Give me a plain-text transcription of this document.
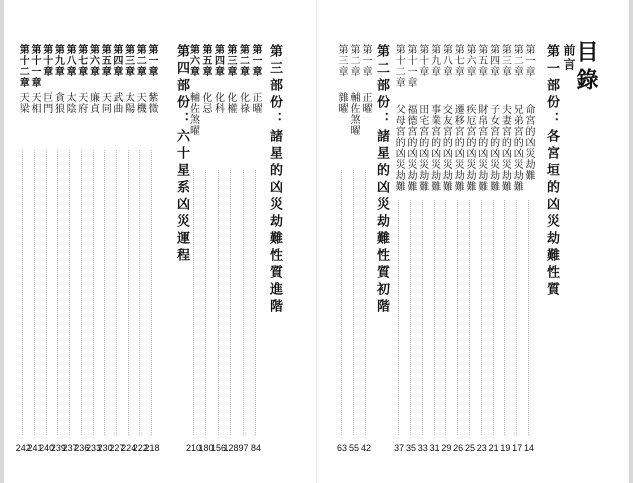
第三部份：諸星的凶災劫難性質進階
第一章
正曜
84
第二章
化祿
97
第三章
化權
128
第四章
化科
156
第五章
化忌
180
第六章
輔佐煞曜
210
第四部份：六十星系凶災運程
第一章
紫微
218
第二章
天機
222
第三章
太陽
224
第四章
武曲
227
第五章
天同
230
第六章
廉貞
233
第七章
天府
236
第八章
太陰
237
第九章
貪狼
239
第十章
巨門
240
第十一章
天相
241
第十二章
天梁
242
目錄
前言
第一部份：各宮垣的凶災劫難性質
第一章
命宮的凶災劫難
14
第二章
兄弟宮的凶災劫難
17
第三章
夫妻宮的凶災劫難
19
第四章
子女宮的凶災劫難
21
第五章
財帛宮的凶災劫難
23
第六章
疾厄宮的凶災劫難
25
第七章
遷移宮的凶災劫難
26
第八章
交友宮的凶災劫難
29
第九章
事業宮的凶災劫難
31
第十章
田宅宮的凶災劫難
33
第十一章
福德宮的凶災劫難
35
第十二章
父母宮的凶災劫難
37
第二部份：諸星的凶災劫難性質初階
第一章
正曜
42
第二章
輔佐煞曜
55
第三章
雜曜
63
